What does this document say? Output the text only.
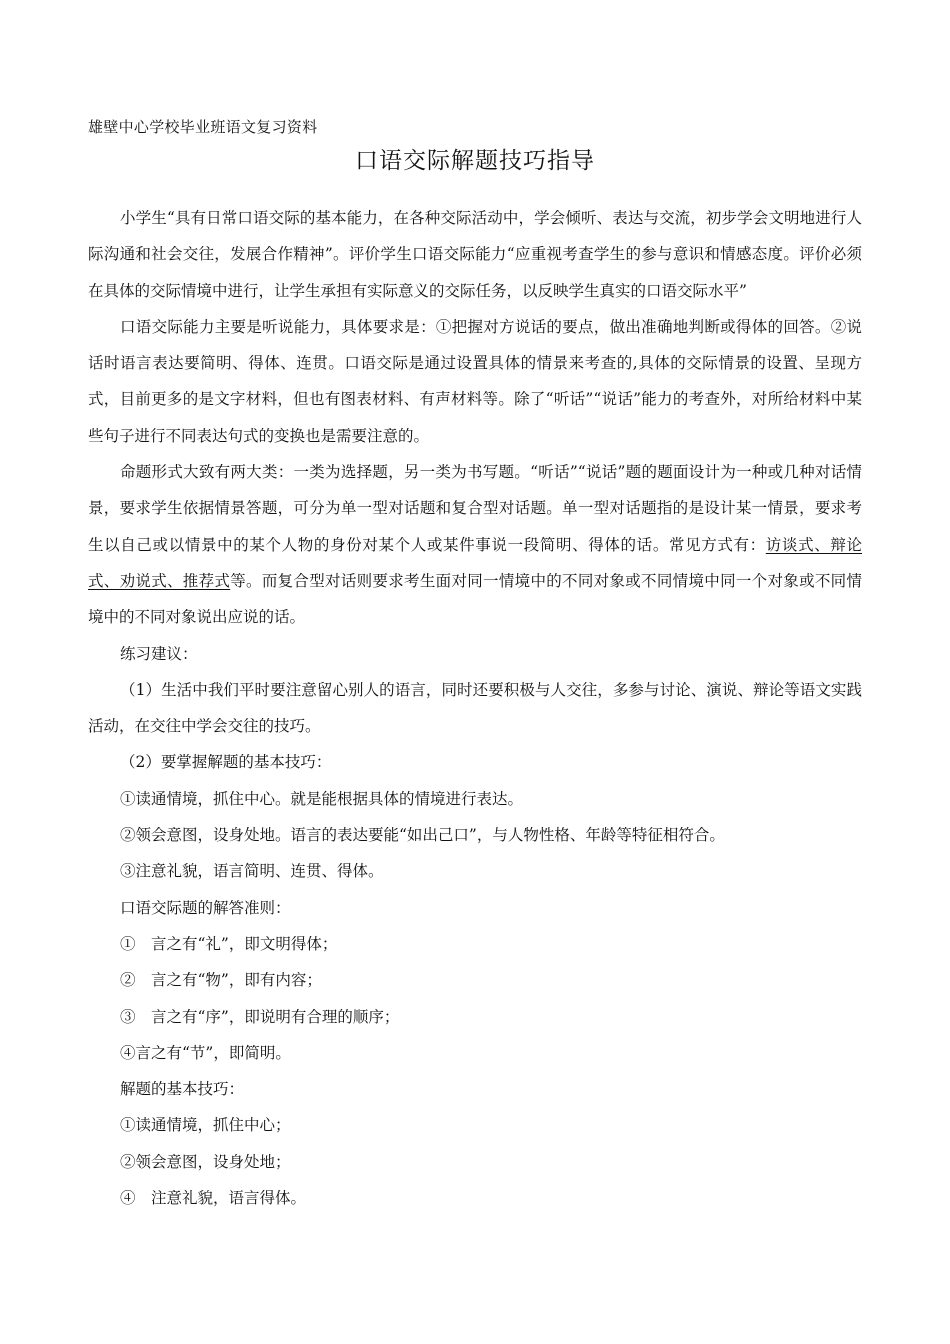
雄壁中心学校毕业班语文复习资料
口语交际解题技巧指导

小学生“具有日常口语交际的基本能力，在各种交际活动中，学会倾听、表达与交流，初步学会文明地进行人际沟通和社会交往，发展合作精神”。评价学生口语交际能力“应重视考查学生的参与意识和情感态度。评价必须在具体的交际情境中进行，让学生承担有实际意义的交际任务，以反映学生真实的口语交际水平”

口语交际能力主要是听说能力，具体要求是：①把握对方说话的要点，做出准确地判断或得体的回答。②说话时语言表达要简明、得体、连贯。口语交际是通过设置具体的情景来考查的,具体的交际情景的设置、呈现方式，目前更多的是文字材料，但也有图表材料、有声材料等。除了“听话”“说话”能力的考查外，对所给材料中某些句子进行不同表达句式的变换也是需要注意的。

命题形式大致有两大类：一类为选择题，另一类为书写题。“听话”“说话”题的题面设计为一种或几种对话情景，要求学生依据情景答题，可分为单一型对话题和复合型对话题。单一型对话题指的是设计某一情景，要求考生以自己或以情景中的某个人物的身份对某个人或某件事说一段简明、得体的话。常见方式有：访谈式、辩论式、劝说式、推荐式等。而复合型对话则要求考生面对同一情境中的不同对象或不同情境中同一个对象或不同情境中的不同对象说出应说的话。

练习建议：

（1）生活中我们平时要注意留心别人的语言，同时还要积极与人交往，多参与讨论、演说、辩论等语文实践活动，在交往中学会交往的技巧。

（2）要掌握解题的基本技巧：

①读通情境，抓住中心。就是能根据具体的情境进行表达。

②领会意图，设身处地。语言的表达要能“如出己口”，与人物性格、年龄等特征相符合。

③注意礼貌，语言简明、连贯、得体。

口语交际题的解答准则：

①　言之有“礼”，即文明得体；

②　言之有“物”，即有内容；

③　言之有“序”，即说明有合理的顺序；

④言之有“节”，即简明。

解题的基本技巧：

①读通情境，抓住中心；

②领会意图，设身处地；

④　注意礼貌，语言得体。
